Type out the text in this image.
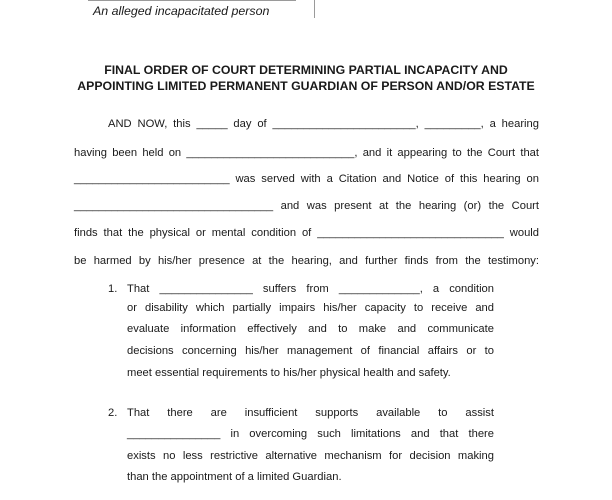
An alleged incapacitated person
FINAL ORDER OF COURT DETERMINING PARTIAL INCAPACITY AND
APPOINTING LIMITED PERMANENT GUARDIAN OF PERSON AND/OR ESTATE
AND NOW, this _____ day of _______________________, _________, a hearing
having been held on ___________________________, and it appearing to the Court that
_________________________ was served with a Citation and Notice of this hearing on
________________________________ and was present at the hearing (or) the Court
finds that the physical or mental condition of ______________________________ would
be harmed by his/her presence at the hearing, and further finds from the testimony:
1. That _______________ suffers from _____________, a condition
or disability which partially impairs his/her capacity to receive and
evaluate information effectively and to make and communicate
decisions concerning his/her management of financial affairs or to
meet essential requirements to his/her physical health and safety.
2. That there are insufficient supports available to assist
_______________ in overcoming such limitations and that there
exists no less restrictive alternative mechanism for decision making
than the appointment of a limited Guardian.
